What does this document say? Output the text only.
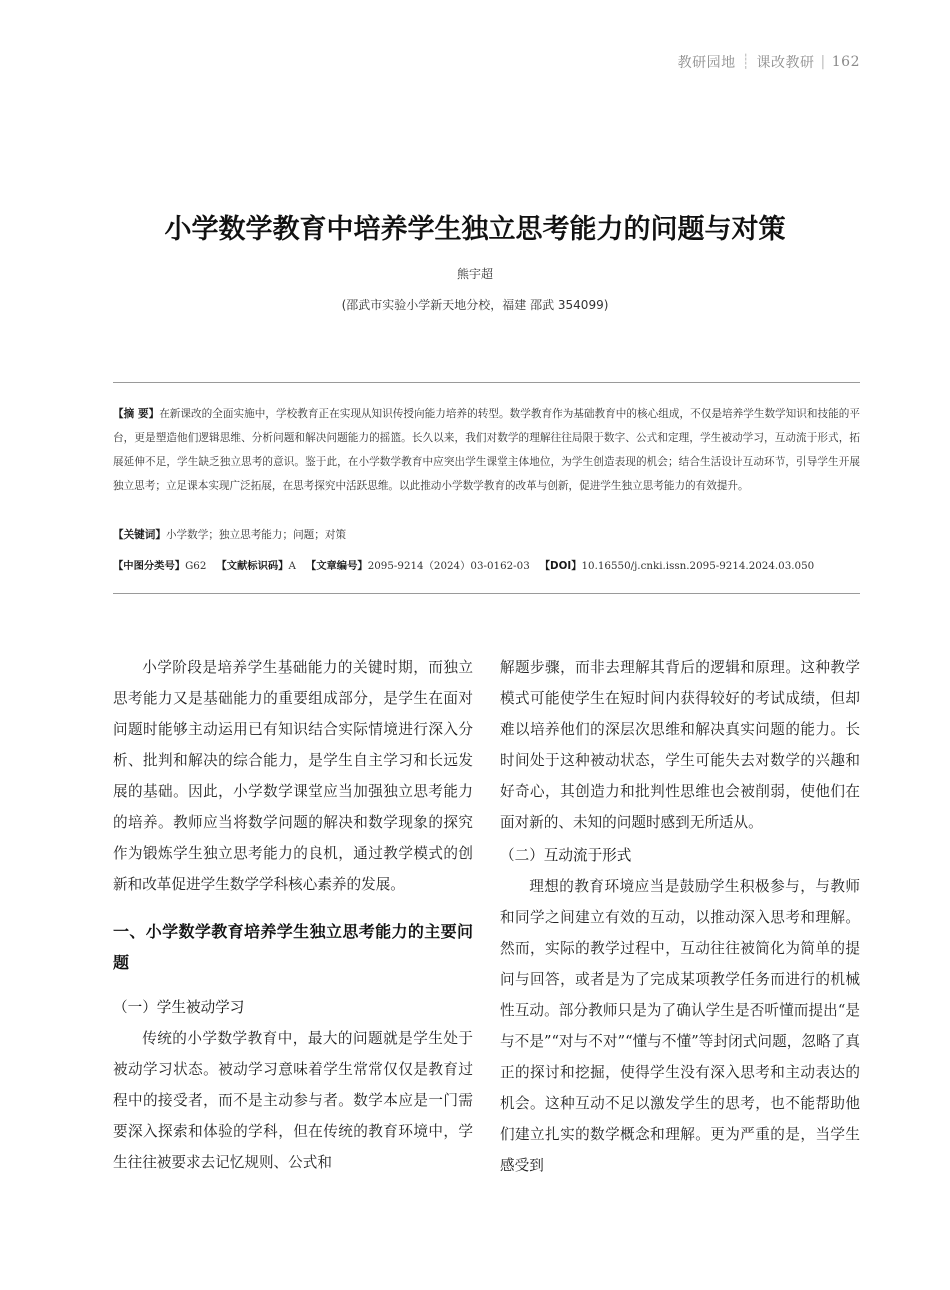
教研园地 ┊ 课改教研 | 162
小学数学教育中培养学生独立思考能力的问题与对策
熊宇超
(邵武市实验小学新天地分校，福建 邵武 354099)
【摘 要】在新课改的全面实施中，学校教育正在实现从知识传授向能力培养的转型。数学教育作为基础教育中的核心组成，不仅是培养学生数学知识和技能的平台，更是塑造他们逻辑思维、分析问题和解决问题能力的摇篮。长久以来，我们对数学的理解往往局限于数字、公式和定理，学生被动学习，互动流于形式，拓展延伸不足，学生缺乏独立思考的意识。鉴于此，在小学数学教育中应突出学生课堂主体地位，为学生创造表现的机会；结合生活设计互动环节，引导学生开展独立思考；立足课本实现广泛拓展，在思考探究中活跃思维。以此推动小学数学教育的改革与创新，促进学生独立思考能力的有效提升。
【关键词】小学数学；独立思考能力；问题；对策
【中图分类号】G62 【文献标识码】A 【文章编号】2095-9214（2024）03-0162-03 【DOI】10.16550/j.cnki.issn.2095-9214.2024.03.050

小学阶段是培养学生基础能力的关键时期，而独立思考能力又是基础能力的重要组成部分，是学生在面对问题时能够主动运用已有知识结合实际情境进行深入分析、批判和解决的综合能力，是学生自主学习和长远发展的基础。因此，小学数学课堂应当加强独立思考能力的培养。教师应当将数学问题的解决和数学现象的探究作为锻炼学生独立思考能力的良机，通过教学模式的创新和改革促进学生数学学科核心素养的发展。

一、小学数学教育培养学生独立思考能力的主要问题
（一）学生被动学习

传统的小学数学教育中，最大的问题就是学生处于被动学习状态。被动学习意味着学生常常仅仅是教育过程中的接受者，而不是主动参与者。数学本应是一门需要深入探索和体验的学科，但在传统的教育环境中，学生往往被要求去记忆规则、公式和

解题步骤，而非去理解其背后的逻辑和原理。这种教学模式可能使学生在短时间内获得较好的考试成绩，但却难以培养他们的深层次思维和解决真实问题的能力。长时间处于这种被动状态，学生可能失去对数学的兴趣和好奇心，其创造力和批判性思维也会被削弱，使他们在面对新的、未知的问题时感到无所适从。

（二）互动流于形式

理想的教育环境应当是鼓励学生积极参与，与教师和同学之间建立有效的互动，以推动深入思考和理解。然而，实际的教学过程中，互动往往被简化为简单的提问与回答，或者是为了完成某项教学任务而进行的机械性互动。部分教师只是为了确认学生是否听懂而提出“是与不是”“对与不对”“懂与不懂”等封闭式问题，忽略了真正的探讨和挖掘，使得学生没有深入思考和主动表达的机会。这种互动不足以激发学生的思考，也不能帮助他们建立扎实的数学概念和理解。更为严重的是，当学生感受到
